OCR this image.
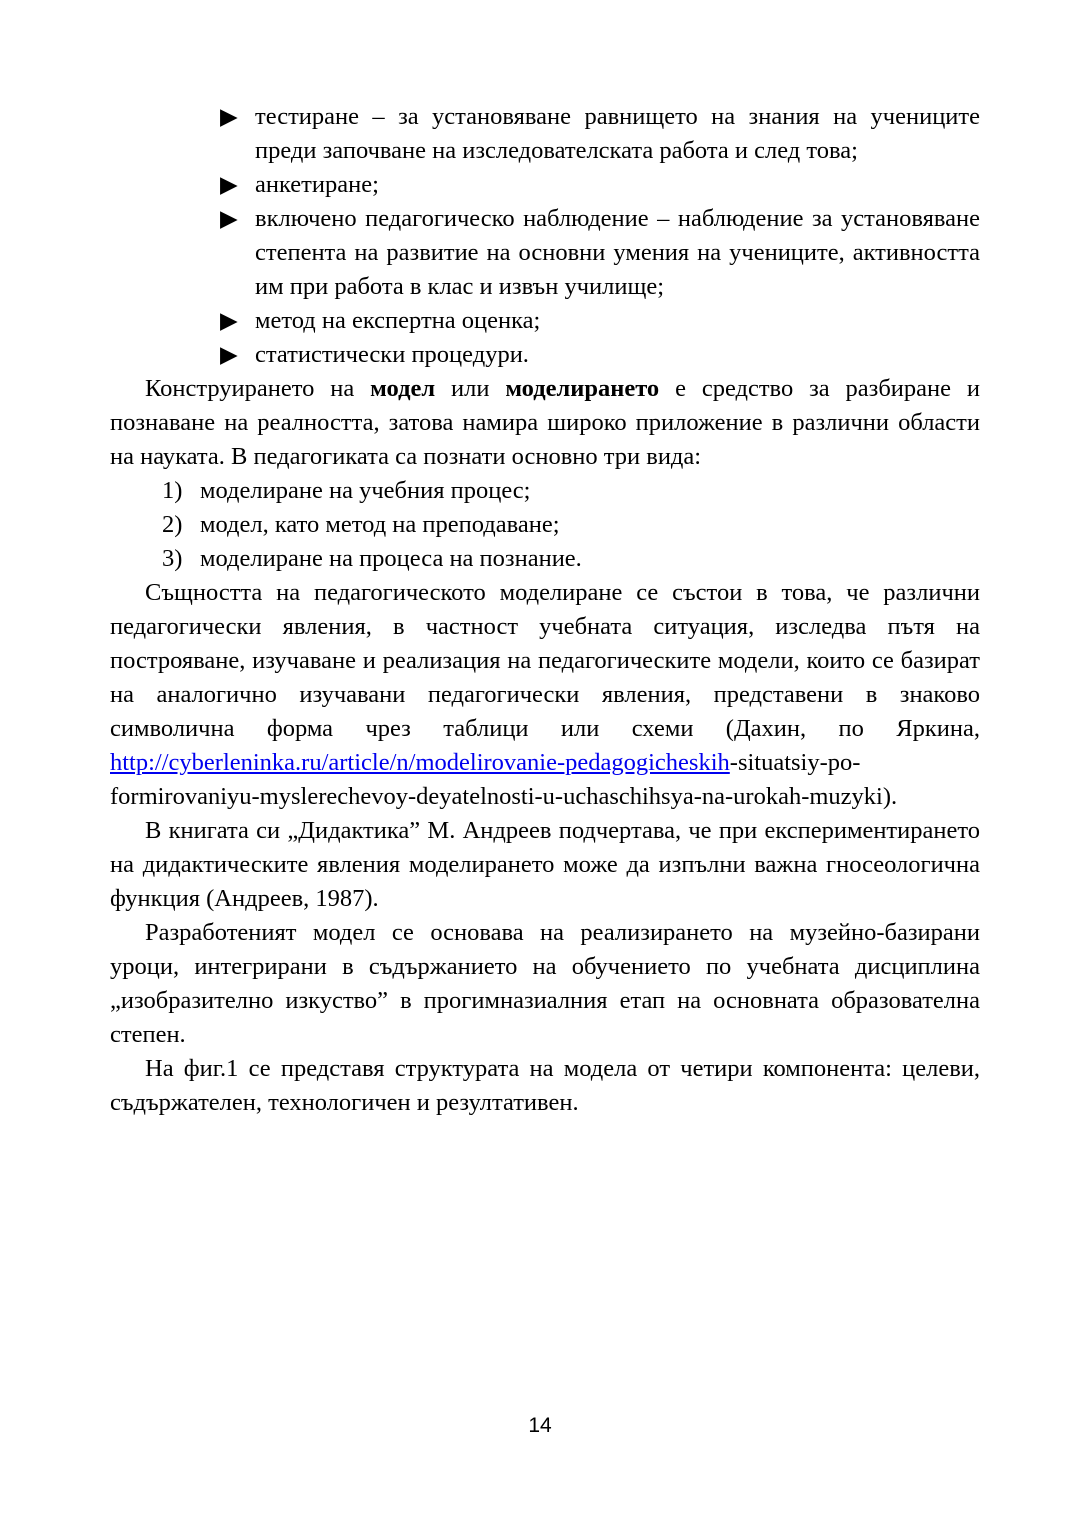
▶ тестиране – за установяване равнището на знания на учениците преди започване на изследователската работа и след това;
▶ анкетиране;
▶ включено педагогическо наблюдение – наблюдение за установяване степента на развитие на основни умения на учениците, активността им при работа в клас и извън училище;
▶ метод на експертна оценка;
▶ статистически процедури.

Конструирането на модел или моделирането е средство за разбиране и познаване на реалността, затова намира широко приложение в различни области на науката. В педагогиката са познати основно три вида:

1) моделиране на учебния процес;
2) модел, като метод на преподаване;
3) моделиране на процеса на познание.

Същността на педагогическото моделиране се състои в това, че различни педагогически явления, в частност учебната ситуация, изследва пътя на построяване, изучаване и реализация на педагогическите модели, които се базират на аналогично изучавани педагогически явления, представени в знаково символична форма чрез таблици или схеми (Дахин, по Яркина, http://cyberleninka.ru/article/n/modelirovanie-pedagogicheskih-situatsiy-po-formirovaniyu-myslerechevoy-deyatelnosti-u-uchaschihsya-na-urokah-muzyki).

В книгата си „Дидактика” М. Андреев подчертава, че при експериментирането на дидактическите явления моделирането може да изпълни важна гносеологична функция (Андреев, 1987).

Разработеният модел се основава на реализирането на музейно-базирани уроци, интегрирани в съдържанието на обучението по учебната дисциплина „изобразително изкуство” в прогимназиалния етап на основната образователна степен.

На фиг.1 се представя структурата на модела от четири компонента: целеви, съдържателен, технологичен и резултативен.

14
